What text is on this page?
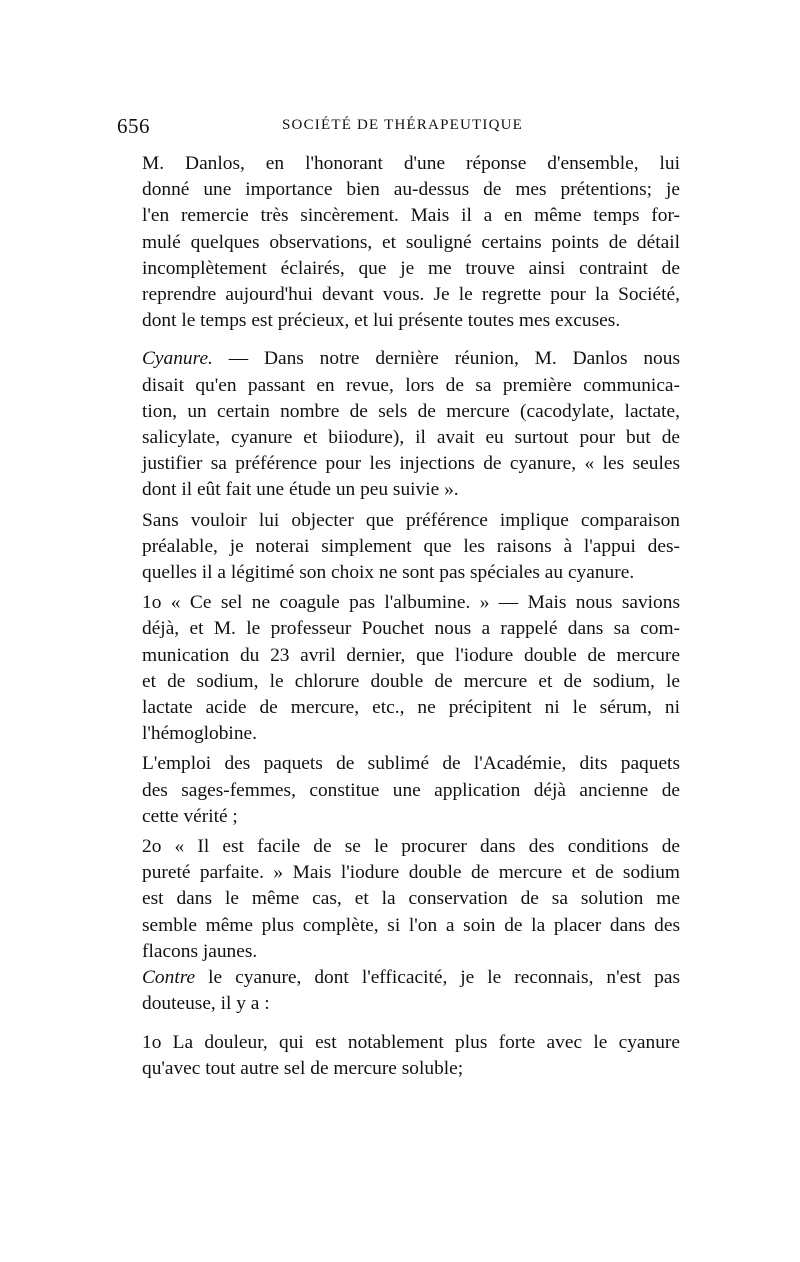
656	SOCIÉTÉ DE THÉRAPEUTIQUE

M. Danlos, en l'honorant d'une réponse d'ensemble, lui
donné une importance bien au-dessus de mes prétentions; je
l'en remercie très sincèrement. Mais il a en même temps for-
mulé quelques observations, et souligné certains points de détail
incomplètement éclairés, que je me trouve ainsi contraint de
reprendre aujourd'hui devant vous. Je le regrette pour la Société,
dont le temps est précieux, et lui présente toutes mes excuses.

Cyanure. — Dans notre dernière réunion, M. Danlos nous
disait qu'en passant en revue, lors de sa première communica-
tion, un certain nombre de sels de mercure (cacodylate, lactate,
salicylate, cyanure et biiodure), il avait eu surtout pour but de
justifier sa préférence pour les injections de cyanure, « les seules
dont il eût fait une étude un peu suivie ».

Sans vouloir lui objecter que préférence implique comparaison
préalable, je noterai simplement que les raisons à l'appui des-
quelles il a légitimé son choix ne sont pas spéciales au cyanure.

1o « Ce sel ne coagule pas l'albumine. » — Mais nous savions
déjà, et M. le professeur Pouchet nous a rappelé dans sa com-
munication du 23 avril dernier, que l'iodure double de mercure
et de sodium, le chlorure double de mercure et de sodium, le
lactate acide de mercure, etc., ne précipitent ni le sérum, ni
l'hémoglobine.

L'emploi des paquets de sublimé de l'Académie, dits paquets
des sages-femmes, constitue une application déjà ancienne de
cette vérité ;

2o « Il est facile de se le procurer dans des conditions de
pureté parfaite. » Mais l'iodure double de mercure et de sodium
est dans le même cas, et la conservation de sa solution me
semble même plus complète, si l'on a soin de la placer dans des
flacons jaunes.

Contre le cyanure, dont l'efficacité, je le reconnais, n'est pas
douteuse, il y a :

1o La douleur, qui est notablement plus forte avec le cyanure
qu'avec tout autre sel de mercure soluble;
